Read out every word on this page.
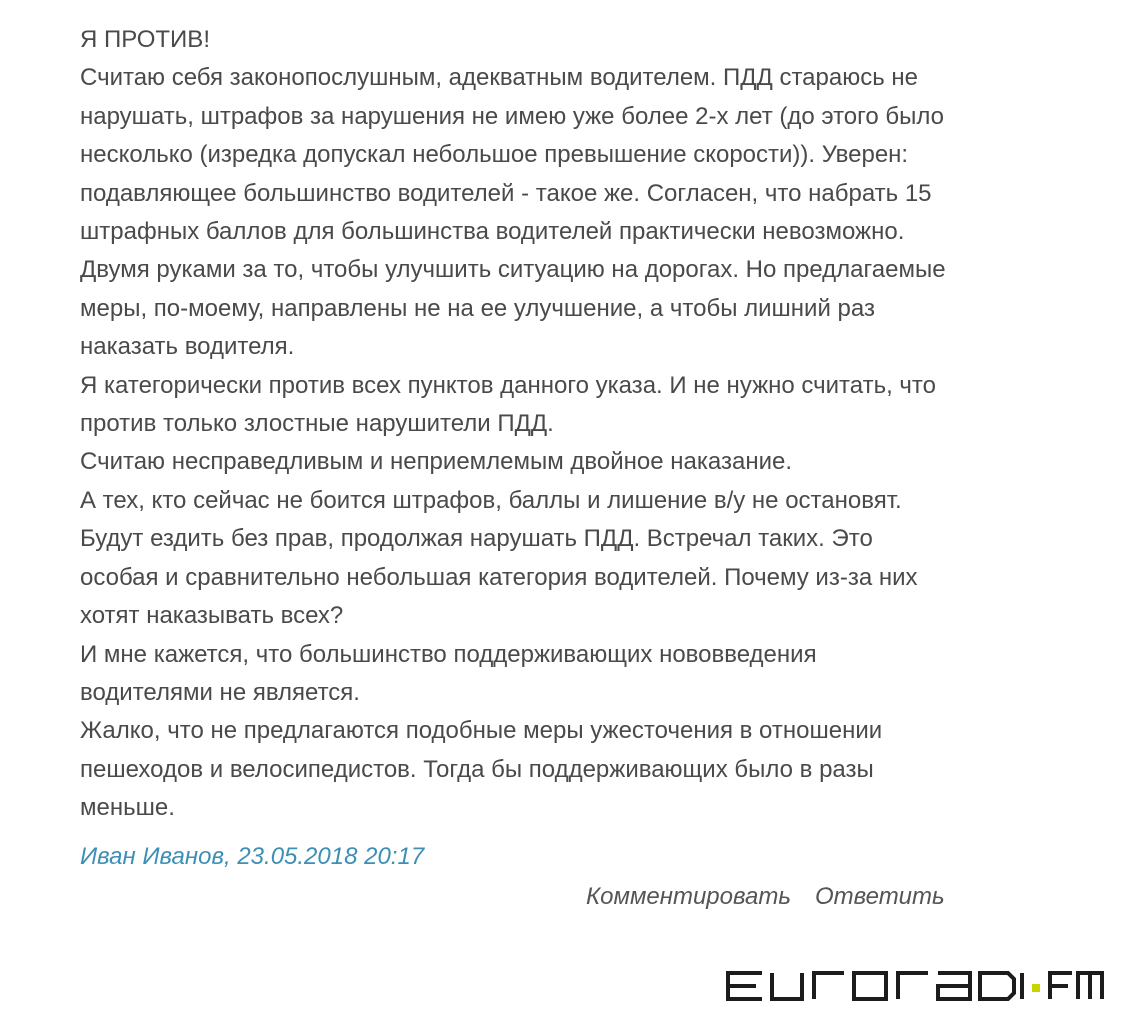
Я ПРОТИВ!
Считаю себя законопослушным, адекватным водителем. ПДД стараюсь не
нарушать, штрафов за нарушения не имею уже более 2-х лет (до этого было
несколько (изредка допускал небольшое превышение скорости)). Уверен:
подавляющее большинство водителей - такое же. Согласен, что набрать 15
штрафных баллов для большинства водителей практически невозможно.
Двумя руками за то, чтобы улучшить ситуацию на дорогах. Но предлагаемые
меры, по-моему, направлены не на ее улучшение, а чтобы лишний раз
наказать водителя.

Я категорически против всех пунктов данного указа. И не нужно считать, что
против только злостные нарушители ПДД.

Считаю несправедливым и неприемлемым двойное наказание.

А тех, кто сейчас не боится штрафов, баллы и лишение в/у не остановят.
Будут ездить без прав, продолжая нарушать ПДД. Встречал таких. Это
особая и сравнительно небольшая категория водителей. Почему из-за них
хотят наказывать всех?

И мне кажется, что большинство поддерживающих нововведения
водителями не является.

Жалко, что не предлагаются подобные меры ужесточения в отношении
пешеходов и велосипедистов. Тогда бы поддерживающих было в разы
меньше.

Иван Иванов, 23.05.2018 20:17
Комментировать Ответить
